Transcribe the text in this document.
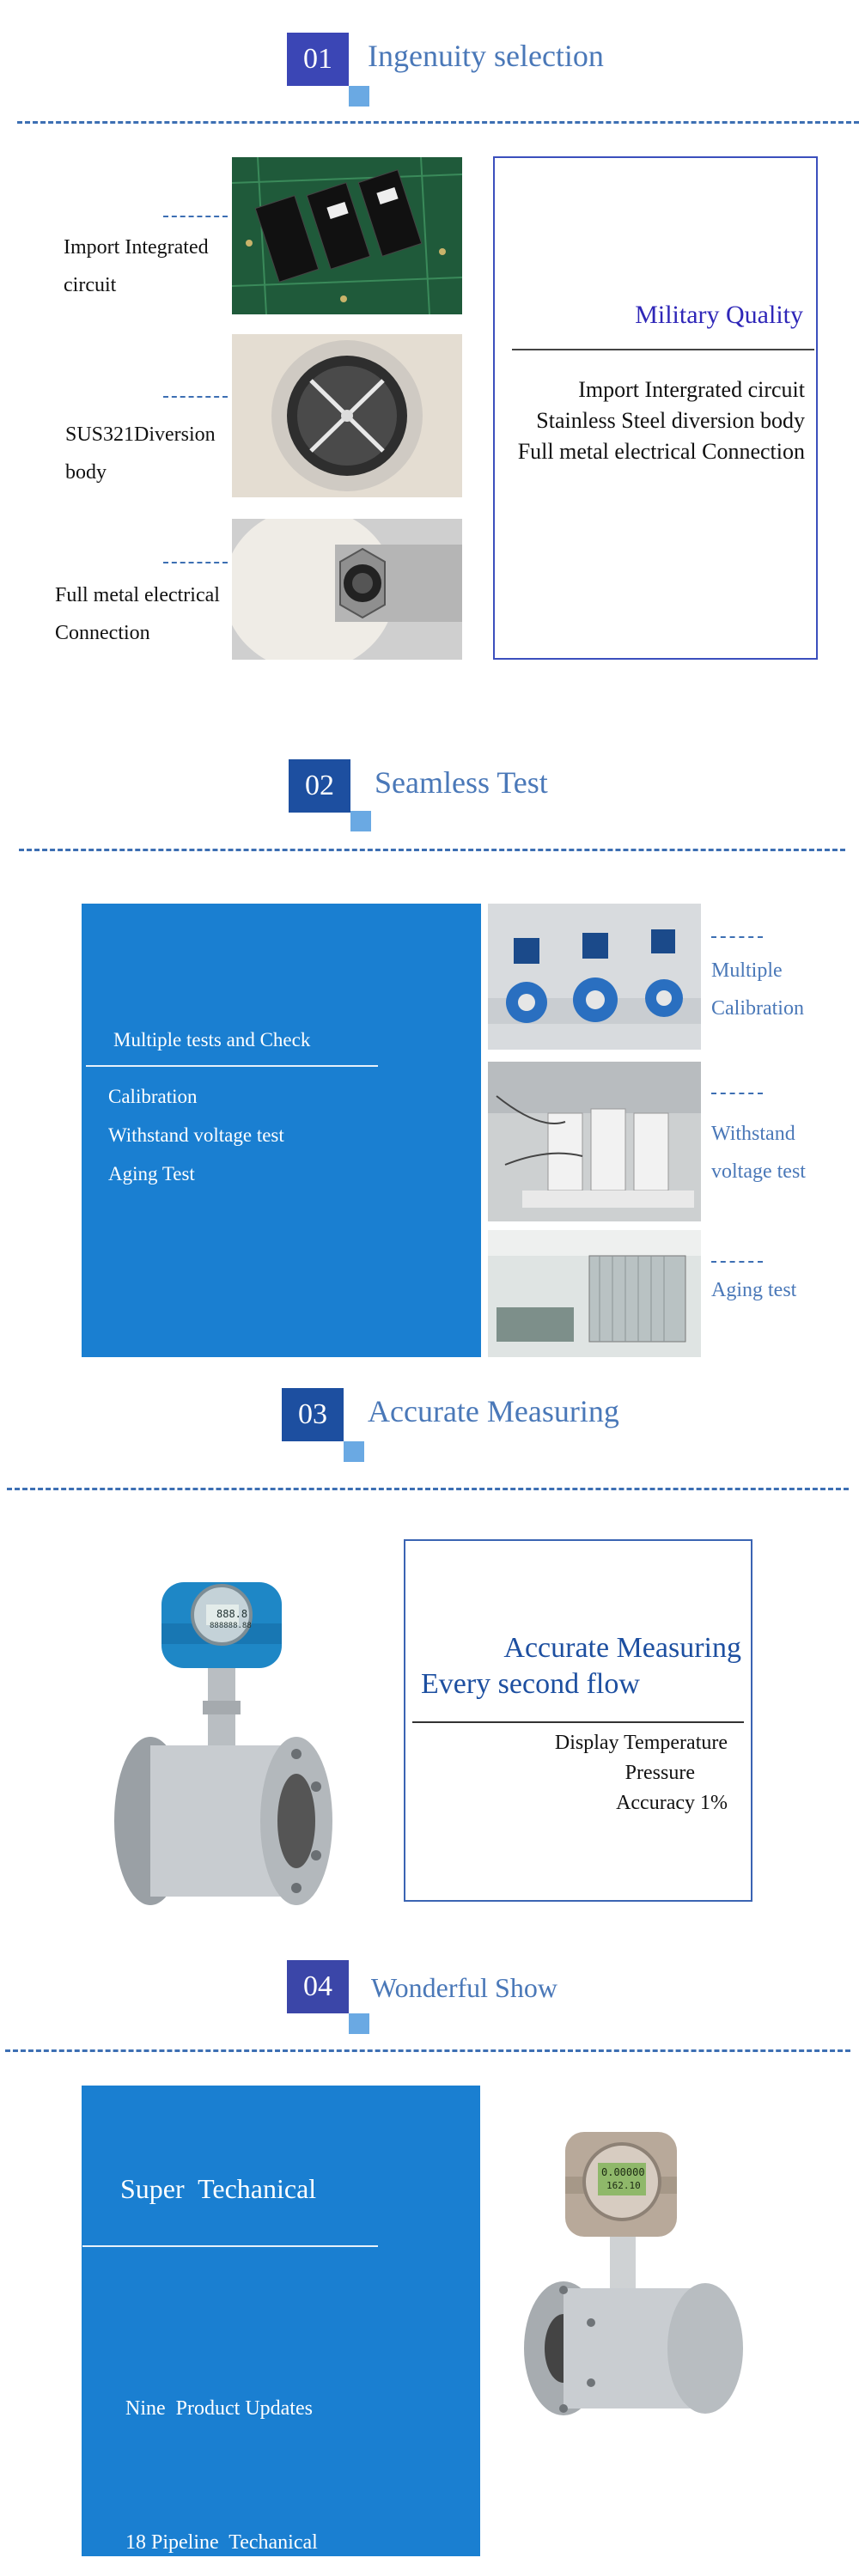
01	Ingenuity selection
Import Integrated
circuit
SUS321Diversion
body
Full metal electrical
Connection
Military Quality
Import Intergrated circuit
Stainless Steel diversion body
Full metal electrical Connection
02	Seamless Test
Multiple tests and Check
Calibration
Withstand voltage test
Aging Test
Multiple
Calibration
Withstand
voltage test
Aging test
03	Accurate Measuring
888.8
888888.88
Accurate Measuring
Every second flow
Display Temperature
Pressure
Accuracy 1%
04	Wonderful Show
Super  Techanical

Nine  Product Updates

18 Pipeline  Techanical

0.00000
162.10
